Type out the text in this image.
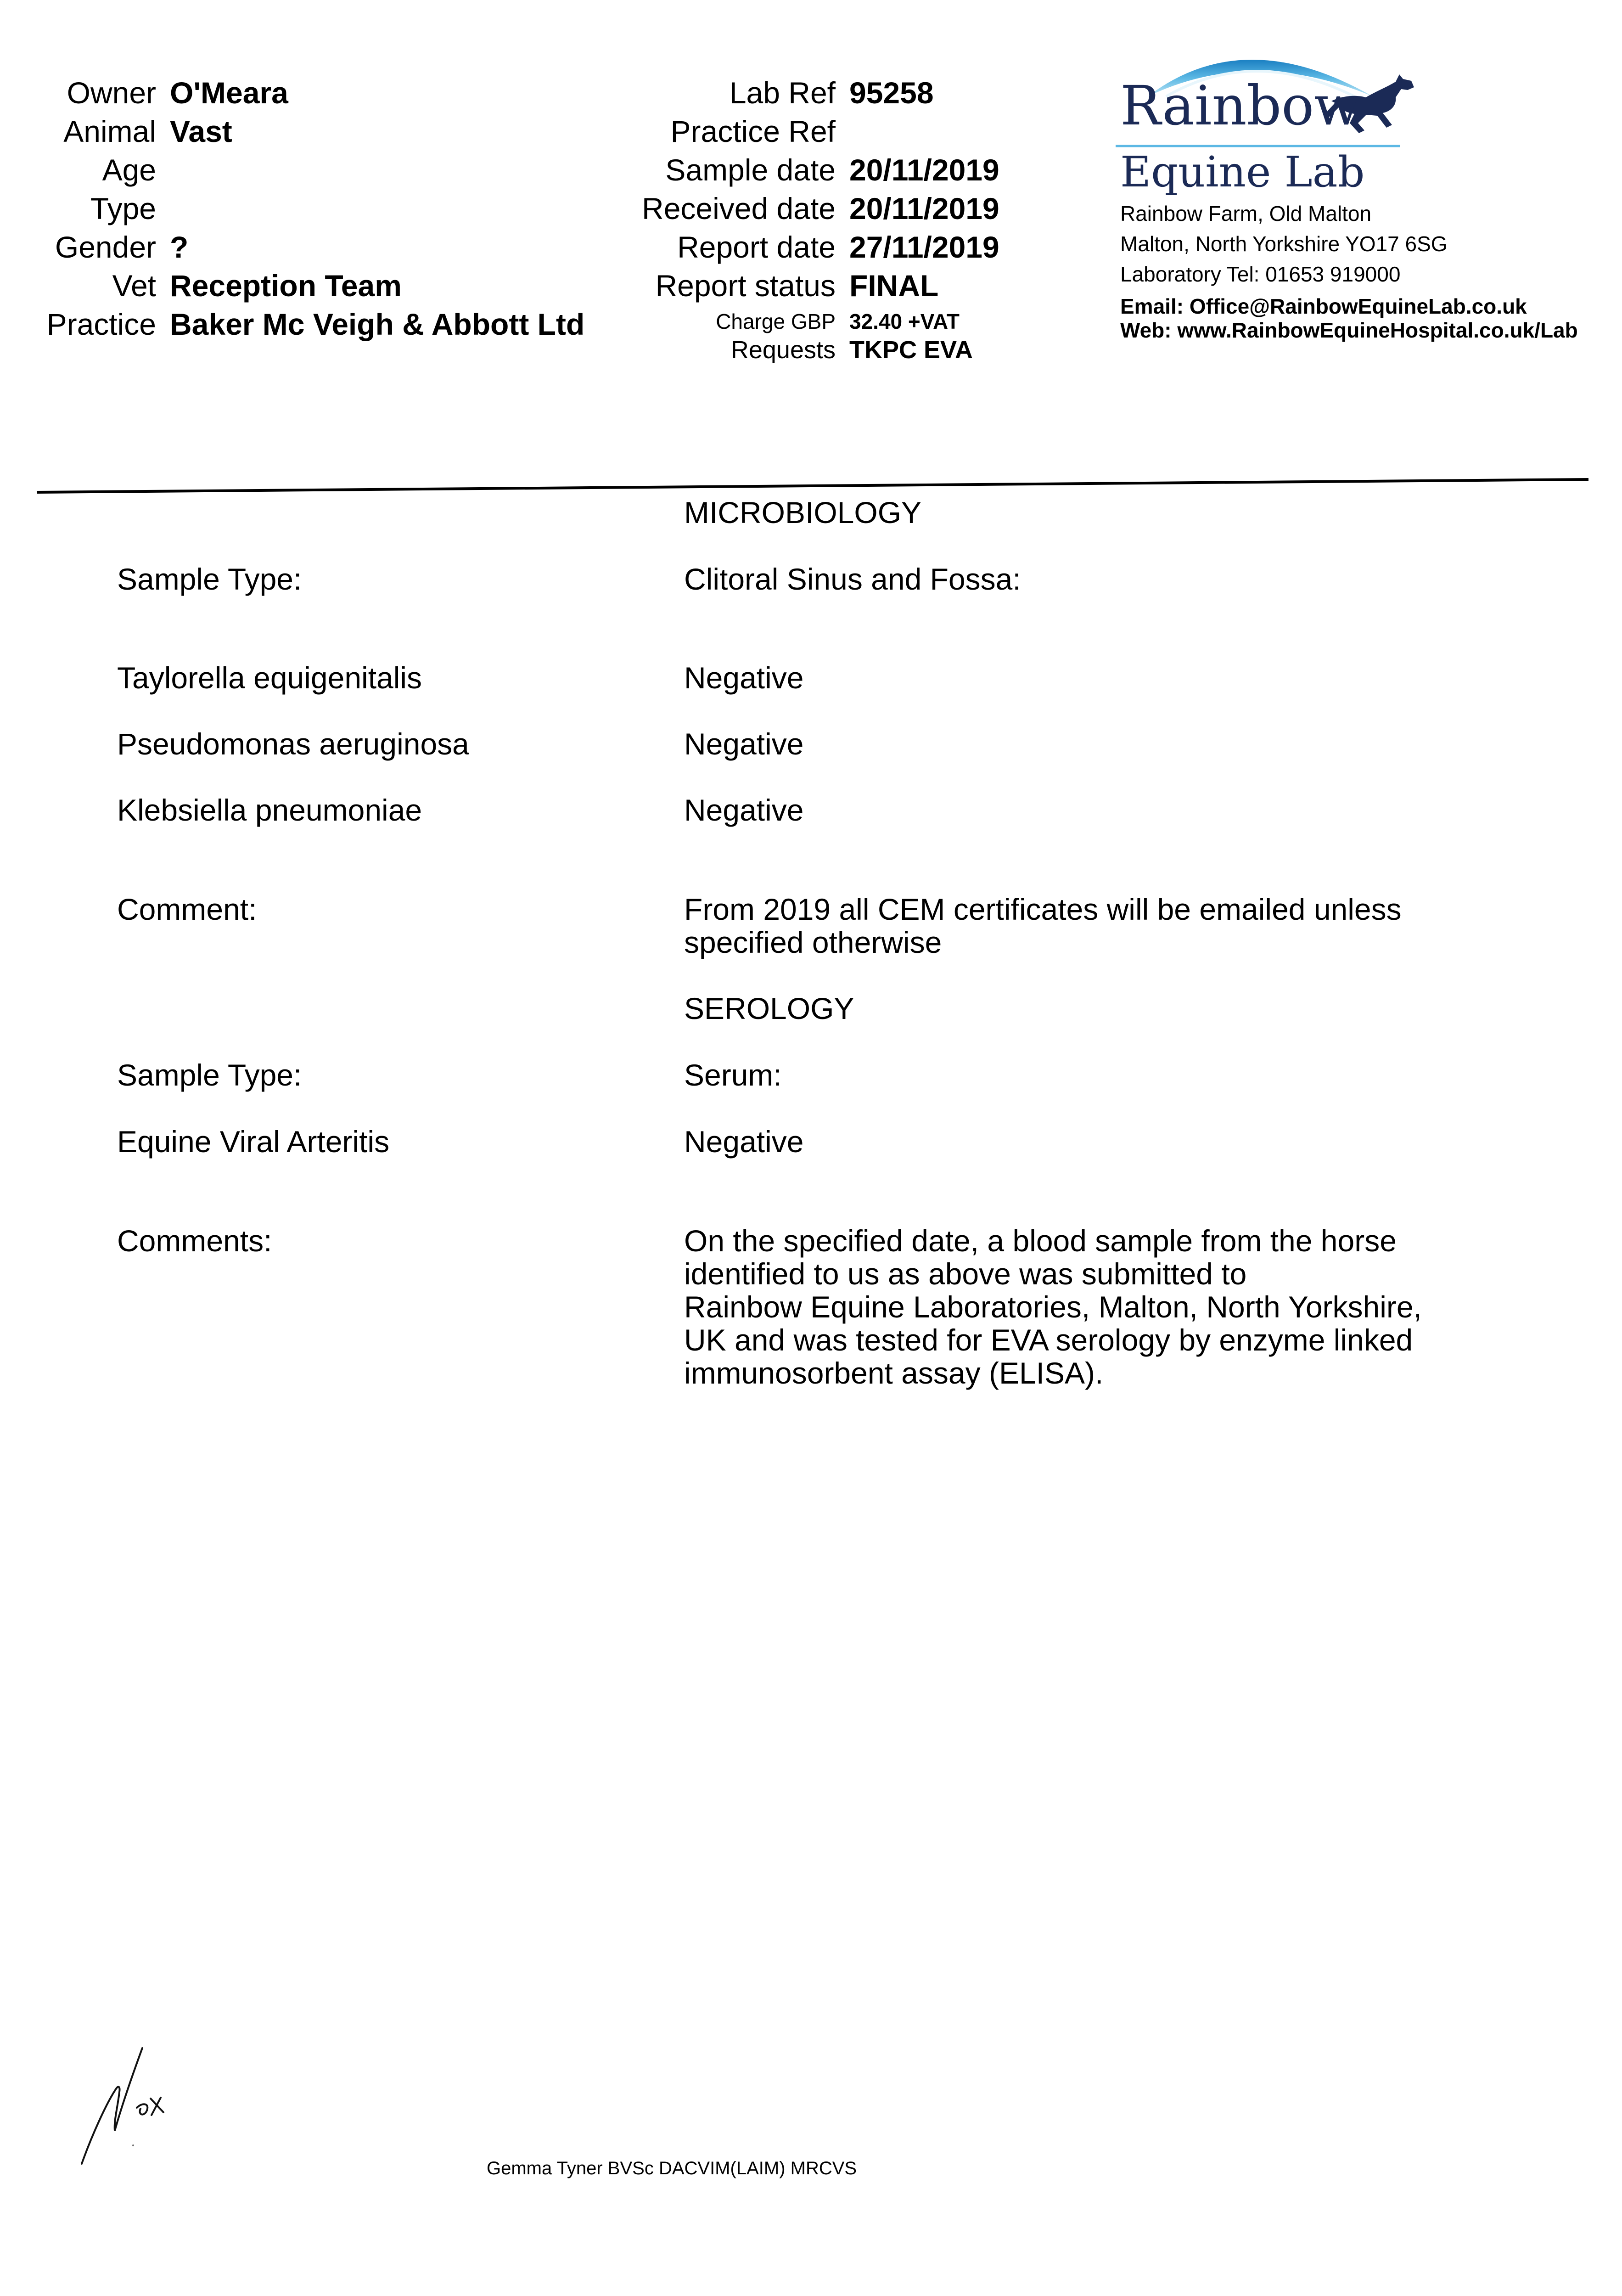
Owner O'Meara
Animal Vast
Age
Type
Gender ?
Vet Reception Team
Practice Baker Mc Veigh & Abbott Ltd
Lab Ref 95258
Practice Ref
Sample date 20/11/2019
Received date 20/11/2019
Report date 27/11/2019
Report status FINAL
Charge GBP 32.40 +VAT
Requests TKPC EVA
Rainbow
Equine Lab
Rainbow Farm, Old Malton
Malton, North Yorkshire YO17 6SG
Laboratory Tel: 01653 919000
Email: Office@RainbowEquineLab.co.uk
Web: www.RainbowEquineHospital.co.uk/Lab
MICROBIOLOGY
Sample Type:	Clitoral Sinus and Fossa:
Taylorella equigenitalis	Negative
Pseudomonas aeruginosa	Negative
Klebsiella pneumoniae	Negative
Comment:	From 2019 all CEM certificates will be emailed unless
specified otherwise
SEROLOGY
Sample Type:	Serum:
Equine Viral Arteritis	Negative
Comments:	On the specified date, a blood sample from the horse
identified to us as above was submitted to
Rainbow Equine Laboratories, Malton, North Yorkshire,
UK and was tested for EVA serology by enzyme linked
immunosorbent assay (ELISA).
Gemma Tyner BVSc DACVIM(LAIM) MRCVS
